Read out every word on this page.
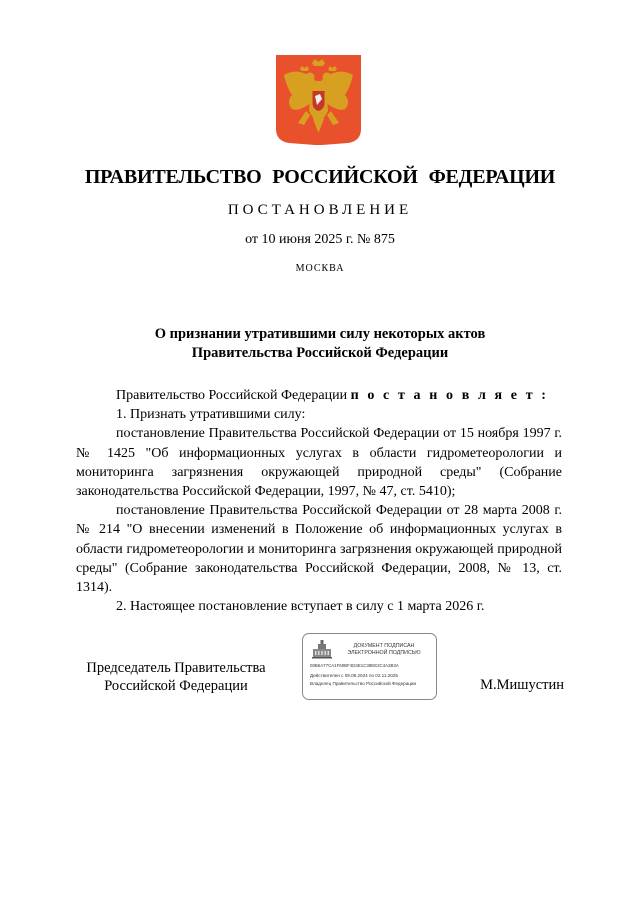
ПРАВИТЕЛЬСТВО РОССИЙСКОЙ ФЕДЕРАЦИИ
ПОСТАНОВЛЕНИЕ
от 10 июня 2025 г. № 875
МОСКВА
О признании утратившими силу некоторых актов
Правительства Российской Федерации

Правительство Российской Федерации п о с т а н о в л я е т :

1. Признать утратившими силу:

постановление Правительства Российской Федерации от 15 ноября 1997 г. № 1425 "Об информационных услугах в области гидрометеорологии и мониторинга загрязнения окружающей природной среды" (Собрание законодательства Российской Федерации, 1997, № 47, ст. 5410);

постановление Правительства Российской Федерации от 28 марта 2008 г. № 214 "О внесении изменений в Положение об информационных услугах в области гидрометеорологии и мониторинга загрязнения окружающей природной среды" (Собрание законодательства Российской Федерации, 2008, № 13, ст. 1314).

2. Настоящее постановление вступает в силу с 1 марта 2026 г.

Председатель Правительства
Российской Федерации
ДОКУМЕНТ ПОДПИСАН
ЭЛЕКТРОННОЙ ПОДПИСЬЮ
00B6A77CA1F60BF4D4E1C38EE2C4A2B3A
Действителен с 09.08.2024 по 02.11.2025
Владелец Правительство Российской Федерации	М.Мишустин
